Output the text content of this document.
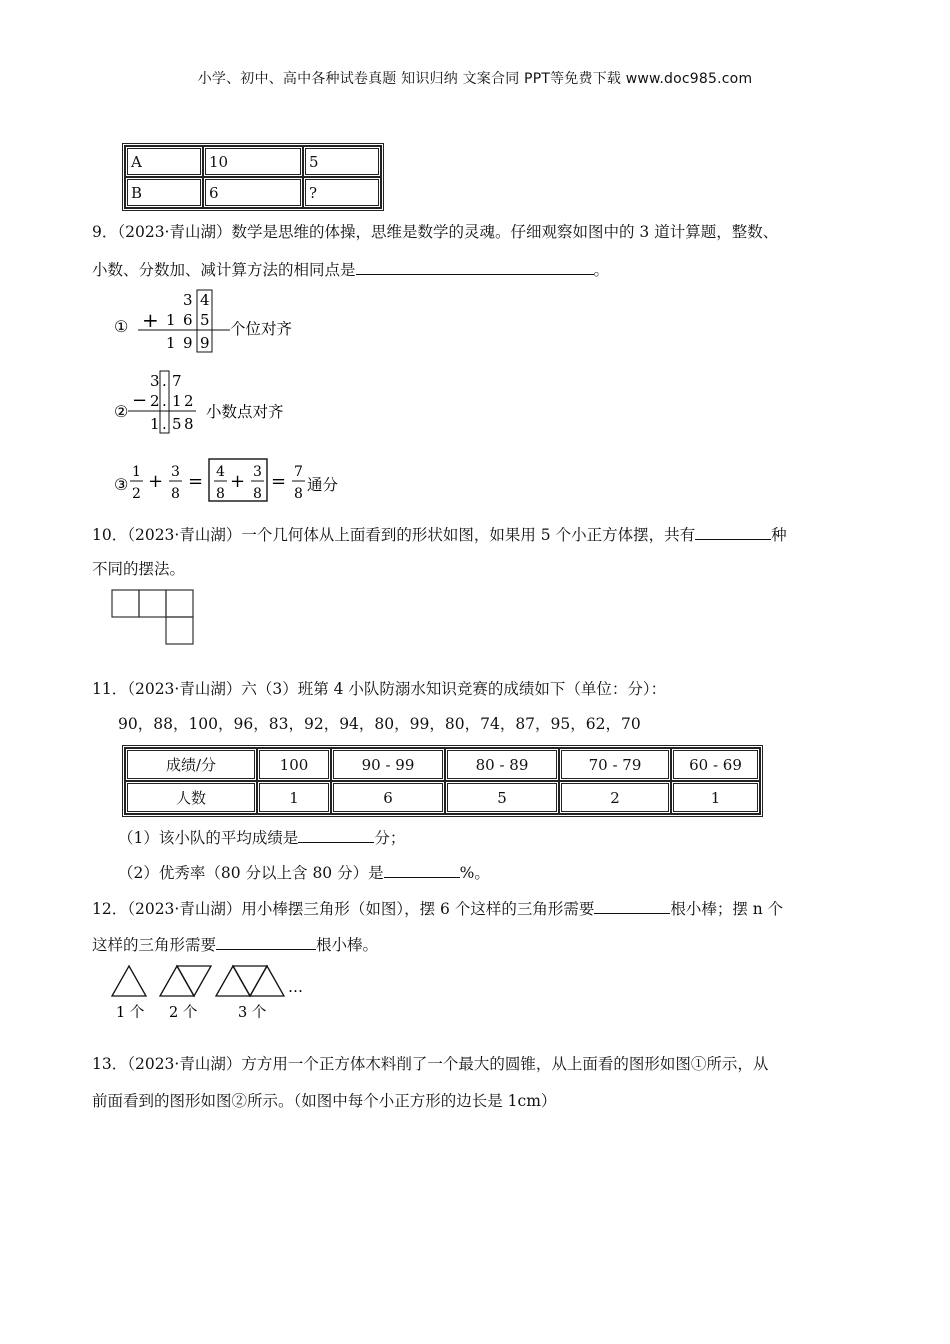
小学、初中、高中各种试卷真题 知识归纳 文案合同 PPT等免费下载 www.doc985.com
A	10	5
B	6	?
9．（2023·青山湖）数学是思维的体操，思维是数学的灵魂。仔细观察如图中的 3 道计算题，整数、
小数、分数加、减计算方法的相同点是	。
① +
3 4
1 6 5
1 9 9
个位对齐
②
−
3 . 7
2 . 1 2
1 . 5 8
小数点对齐
③
1
2
+ 3
8
= 4
8
+ 3
8
= 7
8 通分
10．（2023·青山湖）一个几何体从上面看到的形状如图，如果用 5 个小正方体摆，共有	种
不同的摆法。
11．（2023·青山湖）六（3）班第 4 小队防溺水知识竞赛的成绩如下（单位：分）：
90，88，100，96，83，92，94，80，99，80，74，87，95，62，70
成绩/分	100	90 - 99	80 - 89	70 - 79	60 - 69
人数	1	6	5	2	1
（1）该小队的平均成绩是	分；
（2）优秀率（80 分以上含 80 分）是	%。
12．（2023·青山湖）用小棒摆三角形（如图），摆 6 个这样的三角形需要	根小棒；摆 n 个
这样的三角形需要	根小棒。
…
1 个 2 个	3 个
13．（2023·青山湖）方方用一个正方体木料削了一个最大的圆锥，从上面看的图形如图①所示，从
前面看到的图形如图②所示。（如图中每个小正方形的边长是 1cm）
